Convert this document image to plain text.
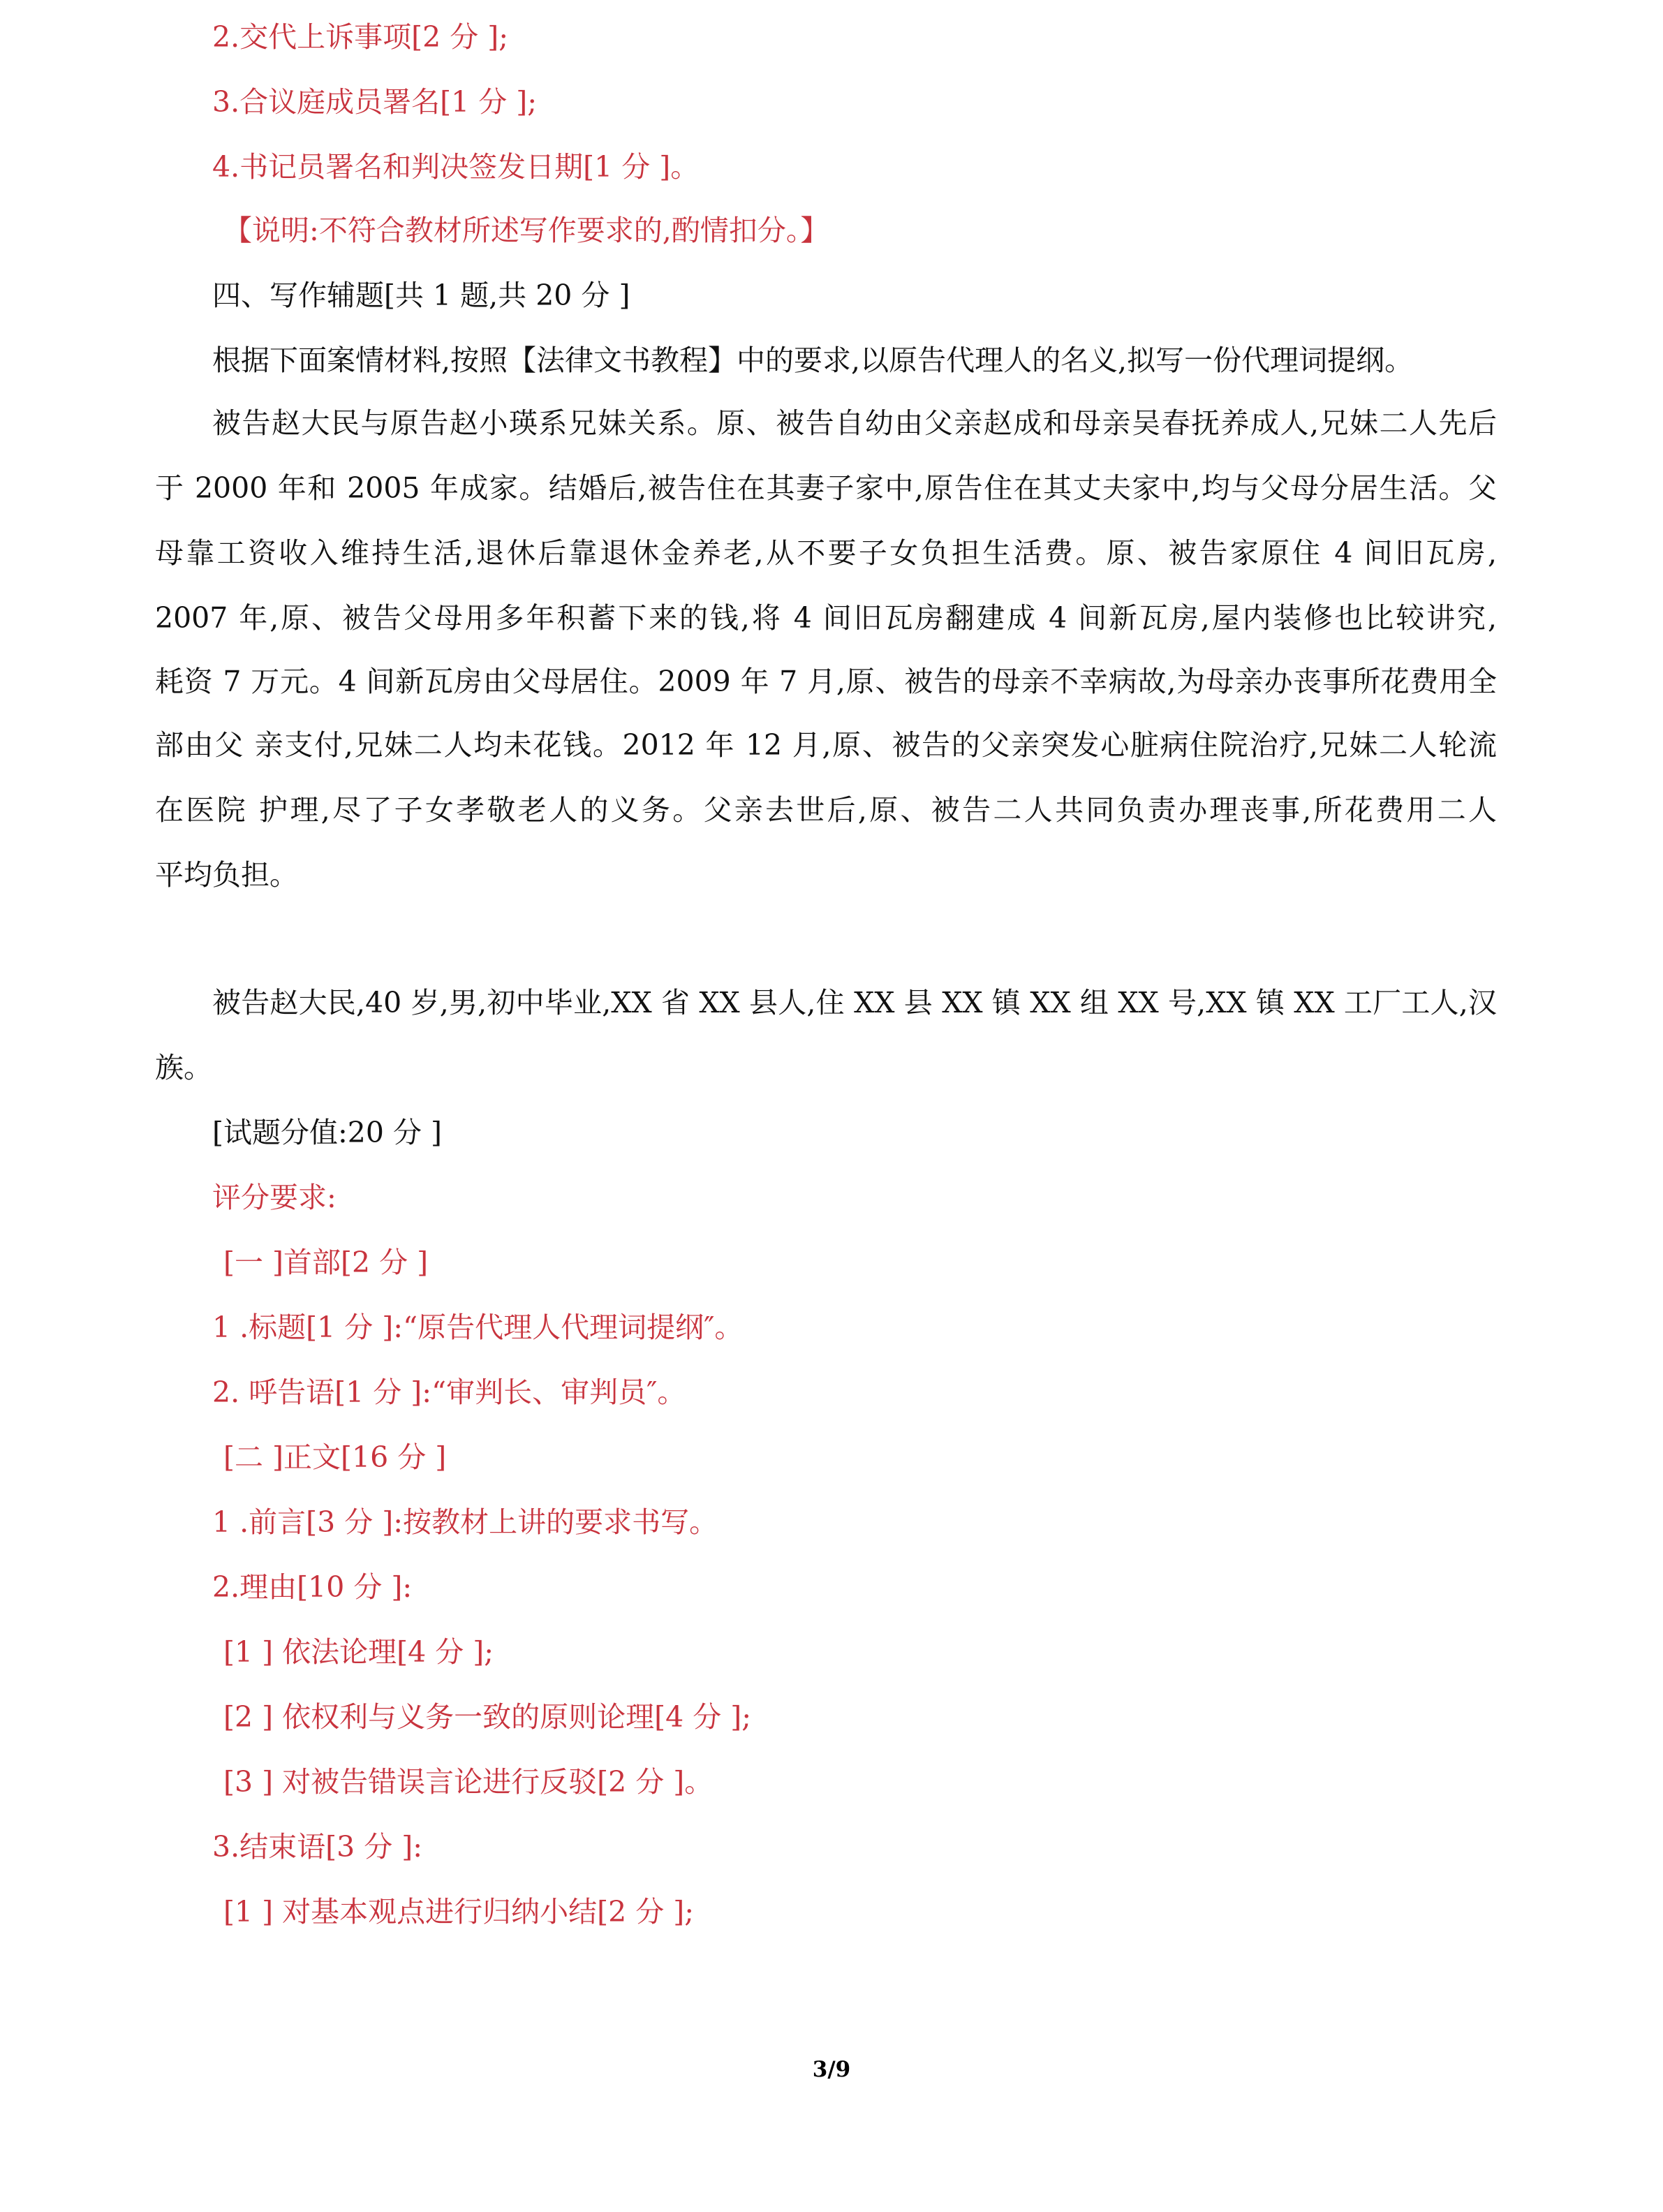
2.交代上诉事项[2 分 ];

3.合议庭成员署名[1 分 ];

4.书记员署名和判决签发日期[1 分 ]。

【说明:不符合教材所述写作要求的,酌情扣分。】

四、写作辅题[共 1 题,共 20 分 ]

根据下面案情材料,按照【法律文书教程】中的要求,以原告代理人的名义,拟写一份代理词提纲。

被告赵大民与原告赵小瑛系兄妹关系。原、被告自幼由父亲赵成和母亲吴春抚养成人,兄妹二人先后

于 2000 年和 2005 年成家。结婚后,被告住在其妻子家中,原告住在其丈夫家中,均与父母分居生活。父

母靠工资收入维持生活,退休后靠退休金养老,从不要子女负担生活费。原、被告家原住 4 间旧瓦房,

2007 年,原、被告父母用多年积蓄下来的钱,将 4 间旧瓦房翻建成 4 间新瓦房,屋内装修也比较讲究,

耗资 7 万元。4 间新瓦房由父母居住。2009 年 7 月,原、被告的母亲不幸病故,为母亲办丧事所花费用全

部由父 亲支付,兄妹二人均未花钱。2012 年 12 月,原、被告的父亲突发心脏病住院治疗,兄妹二人轮流

在医院 护理,尽了子女孝敬老人的义务。父亲去世后,原、被告二人共同负责办理丧事,所花费用二人

平均负担。

被告赵大民,40 岁,男,初中毕业,XX 省 XX 县人,住 XX 县 XX 镇 XX 组 XX 号,XX 镇 XX 工厂工人,汉

族。

[试题分值:20 分 ]

评分要求:

[一 ]首部[2 分 ]

1 .标题[1 分 ]:“原告代理人代理词提纲″。

2. 呼告语[1 分 ]:“审判长、审判员″。

[二 ]正文[16 分 ]

1 .前言[3 分 ]:按教材上讲的要求书写。

2.理由[10 分 ]:

[1 ] 依法论理[4 分 ];

[2 ] 依权利与义务一致的原则论理[4 分 ];

[3 ] 对被告错误言论进行反驳[2 分 ]。

3.结束语[3 分 ]:

[1 ] 对基本观点进行归纳小结[2 分 ];

3/9
